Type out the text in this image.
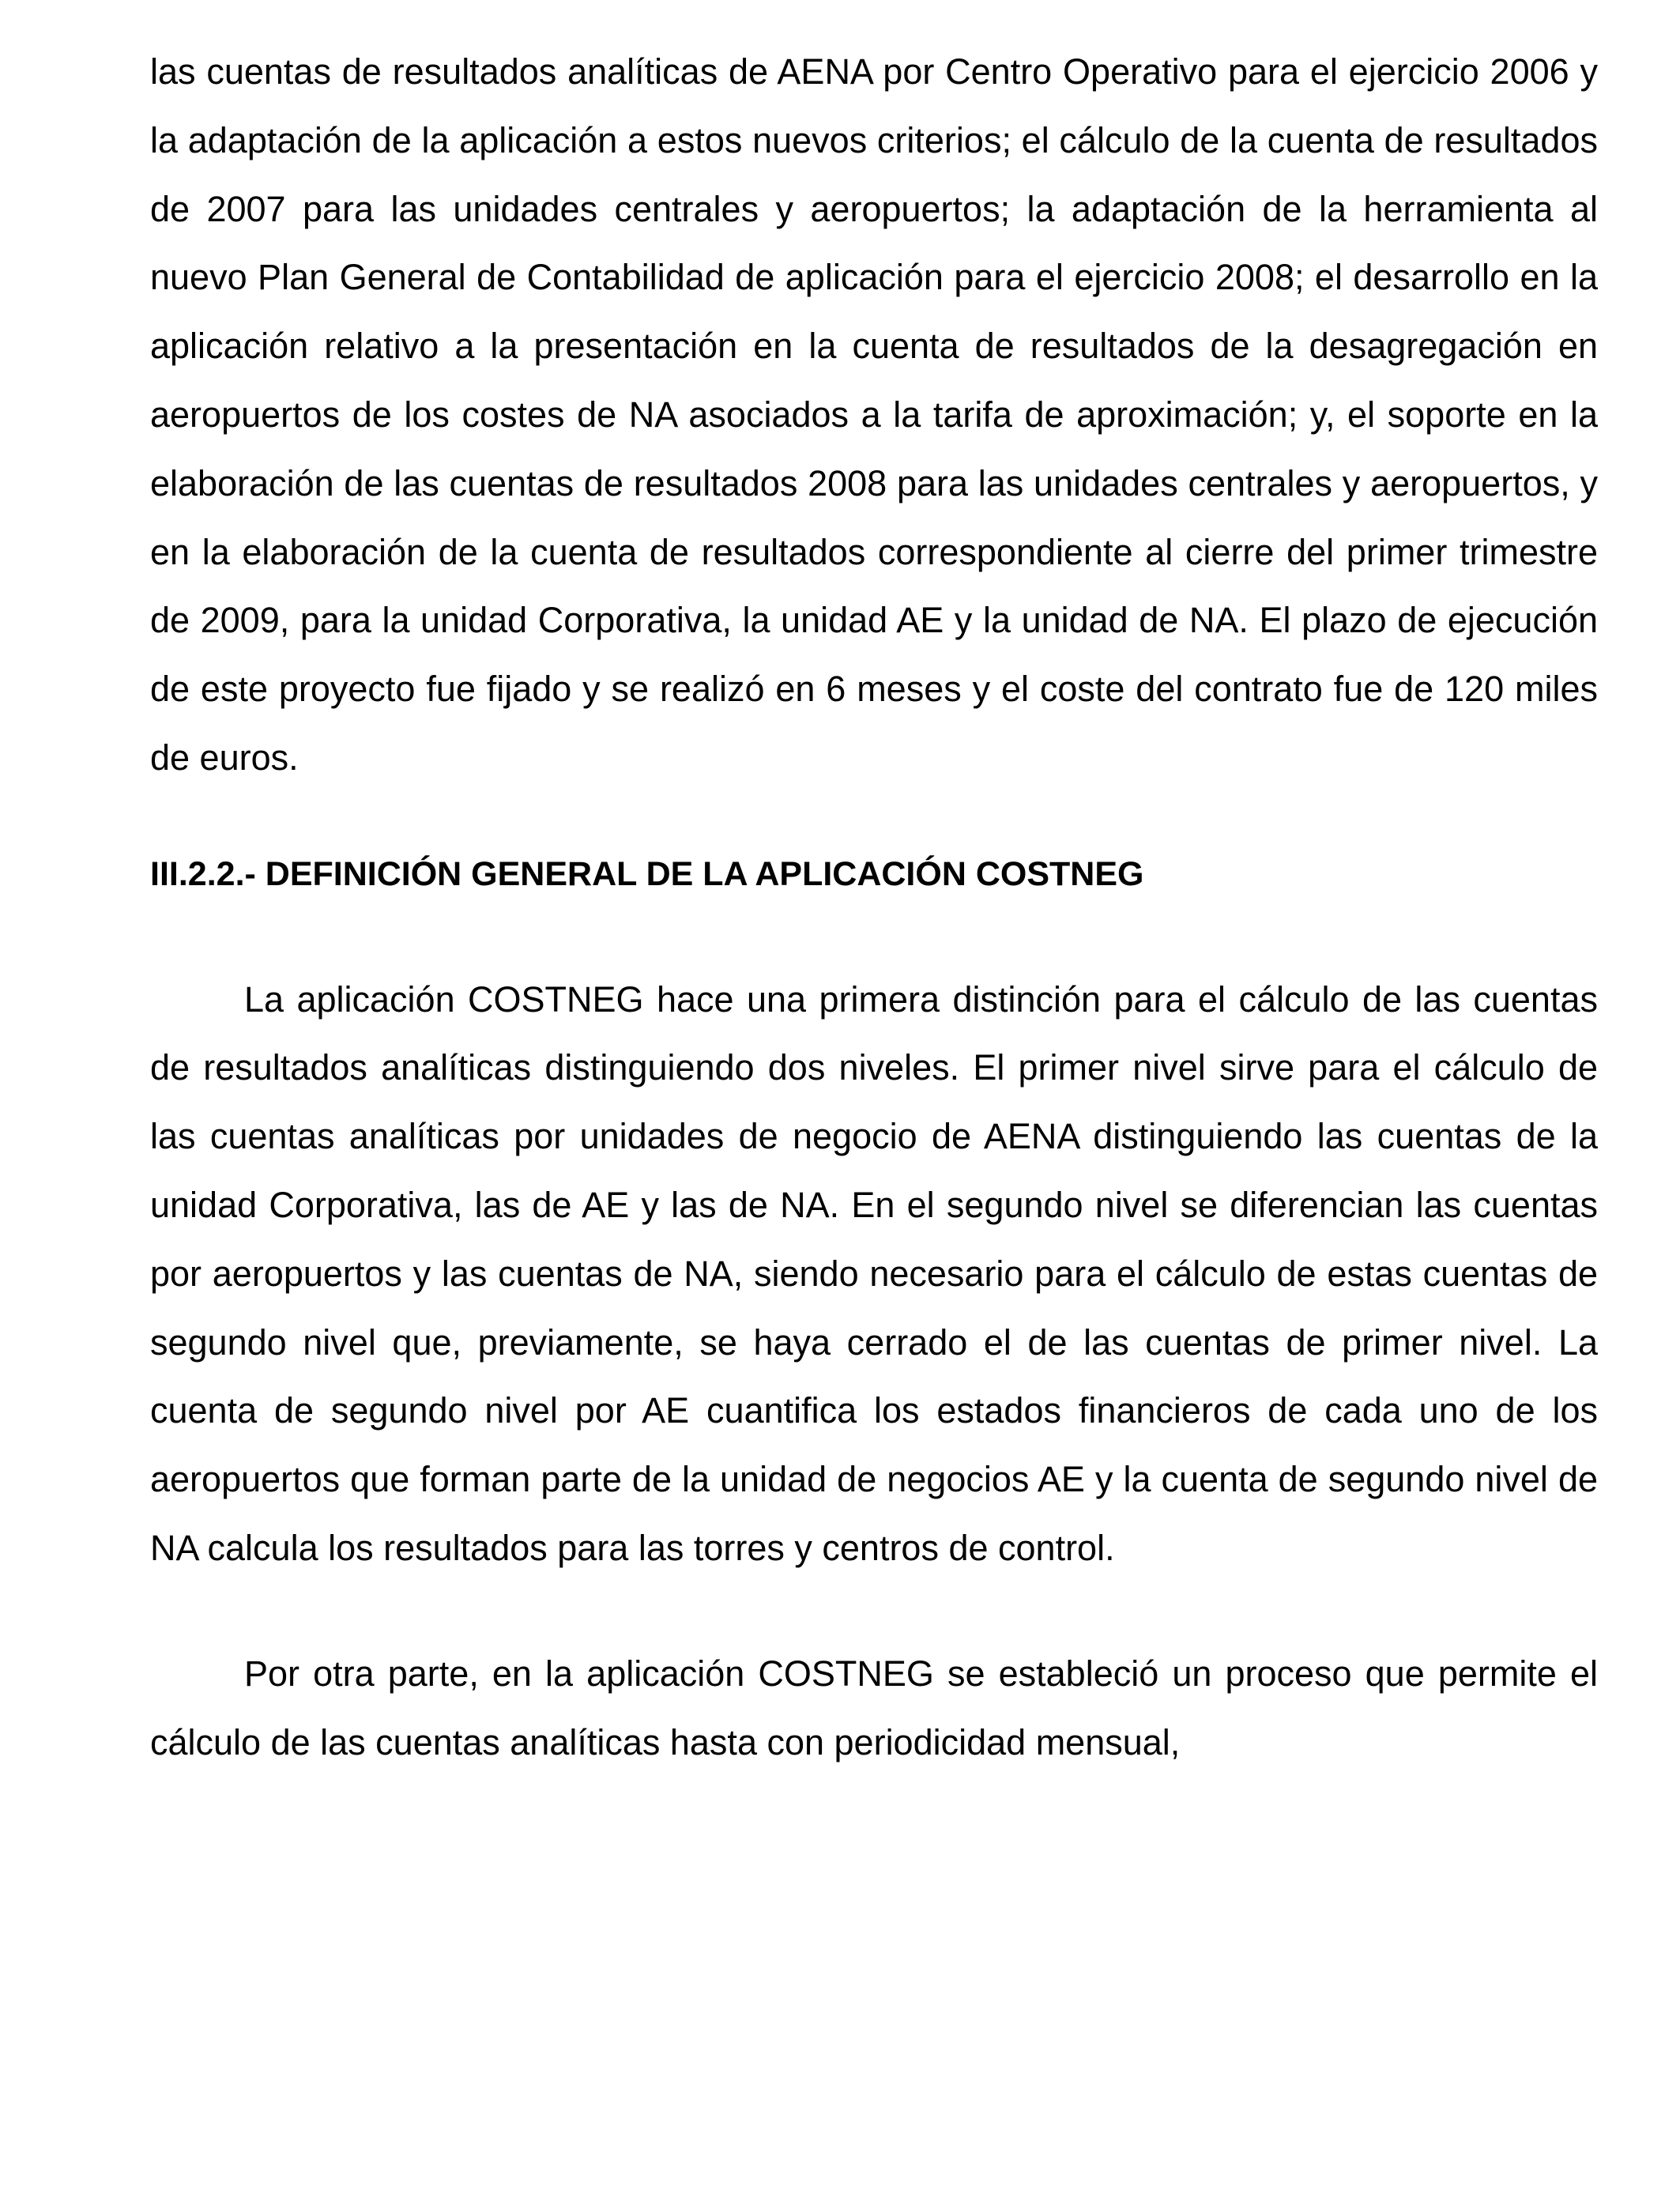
las cuentas de resultados analíticas de AENA por Centro Operativo para el ejercicio 2006 y la adaptación de la aplicación a estos nuevos criterios; el cálculo de la cuenta de resultados de 2007 para las unidades centrales y aeropuertos; la adaptación de la herramienta al nuevo Plan General de Contabilidad de aplicación para el ejercicio 2008; el desarrollo en la aplicación relativo a la presentación en la cuenta de resultados de la desagregación en aeropuertos de los costes de NA asociados a la tarifa de aproximación; y, el soporte en la elaboración de las cuentas de resultados 2008 para las unidades centrales y aeropuertos, y en la elaboración de la cuenta de resultados correspondiente al cierre del primer trimestre de 2009, para la unidad Corporativa, la unidad AE y la unidad de NA. El plazo de ejecución de este proyecto fue fijado y se realizó en 6 meses y el coste del contrato fue de 120 miles de euros.

III.2.2.- DEFINICIÓN GENERAL DE LA APLICACIÓN COSTNEG

La aplicación COSTNEG hace una primera distinción para el cálculo de las cuentas de resultados analíticas distinguiendo dos niveles. El primer nivel sirve para el cálculo de las cuentas analíticas por unidades de negocio de AENA distinguiendo las cuentas de la unidad Corporativa, las de AE y las de NA. En el segundo nivel se diferencian las cuentas por aeropuertos y las cuentas de NA, siendo necesario para el cálculo de estas cuentas de segundo nivel que, previamente, se haya cerrado el de las cuentas de primer nivel. La cuenta de segundo nivel por AE cuantifica los estados financieros de cada uno de los aeropuertos que forman parte de la unidad de negocios AE y la cuenta de segundo nivel de NA calcula los resultados para las torres y centros de control.

Por otra parte, en la aplicación COSTNEG se estableció un proceso que permite el cálculo de las cuentas analíticas hasta con periodicidad mensual,
